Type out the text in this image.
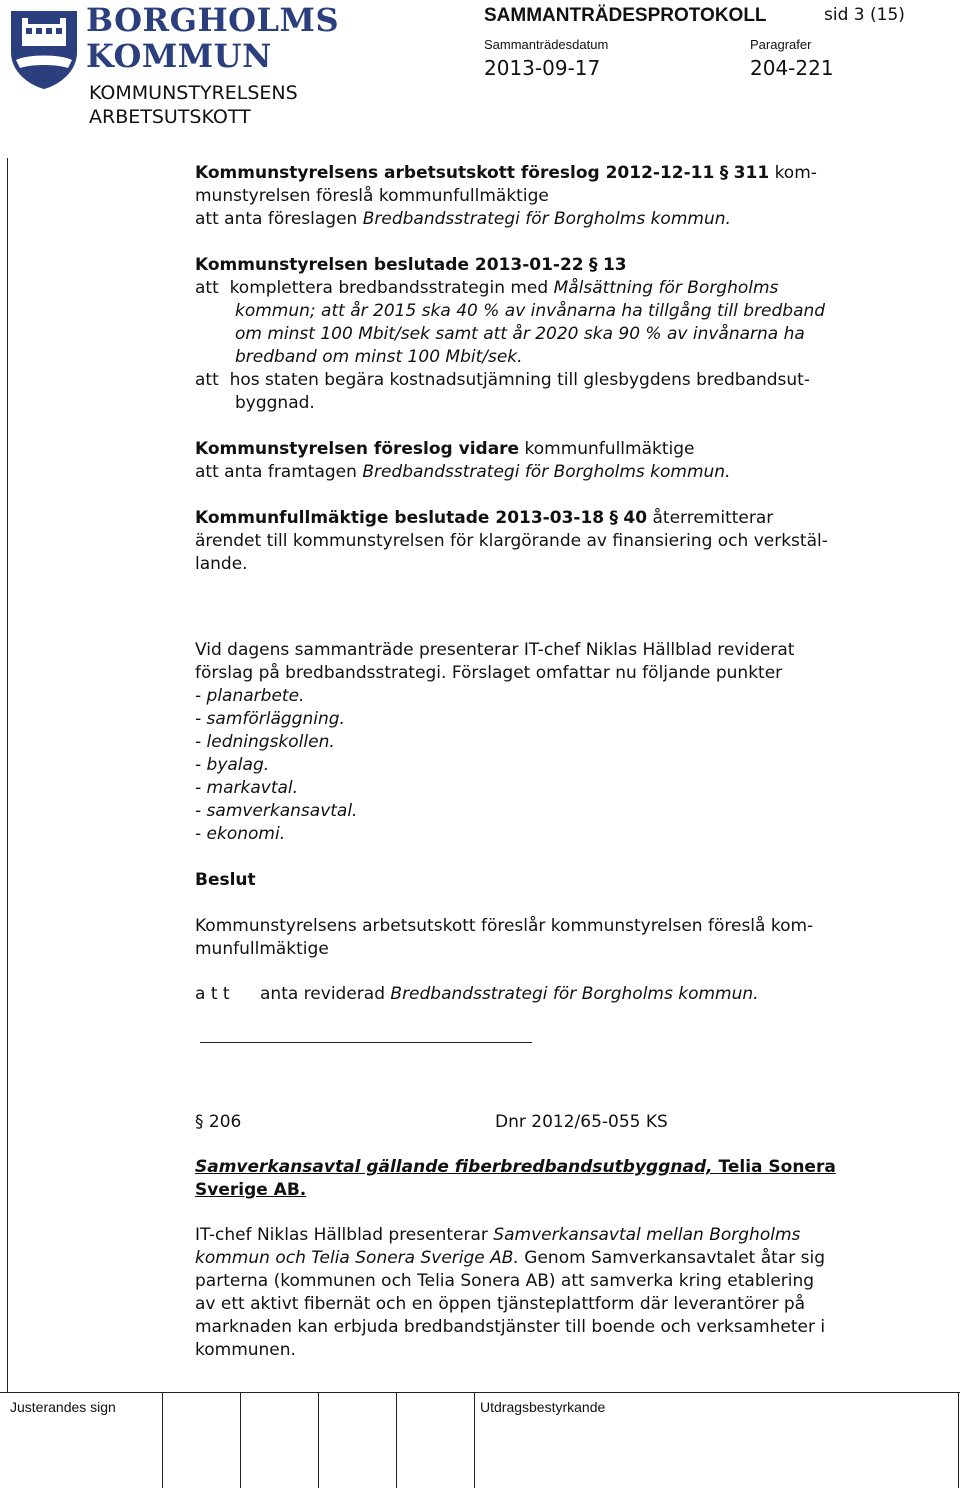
BORGHOLMS
KOMMUN
KOMMUNSTYRELSENS
ARBETSUTSKOTT
SAMMANTRÄDESPROTOKOLL	sid 3 (15)
Sammanträdesdatum
2013-09-17
Paragrafer
204-221

Kommunstyrelsens arbetsutskott föreslog 2012-12-11 § 311 kom-
munstyrelsen föreslå kommunfullmäktige
att anta föreslagen Bredbandsstrategi för Borgholms kommun.

Kommunstyrelsen beslutade 2013-01-22 § 13

att komplettera bredbandsstrategin med Målsättning för Borgholms
kommun; att år 2015 ska 40 % av invånarna ha tillgång till bredband
om minst 100 Mbit/sek samt att år 2020 ska 90 % av invånarna ha
bredband om minst 100 Mbit/sek.
att hos staten begära kostnadsutjämning till glesbygdens bredbandsut-
byggnad.

Kommunstyrelsen föreslog vidare kommunfullmäktige
att anta framtagen Bredbandsstrategi för Borgholms kommun.

Kommunfullmäktige beslutade 2013-03-18 § 40 återremitterar
ärendet till kommunstyrelsen för klargörande av finansiering och verkstäl-
lande.

Vid dagens sammanträde presenterar IT-chef Niklas Hällblad reviderat
förslag på bredbandsstrategi. Förslaget omfattar nu följande punkter

- planarbete.
- samförläggning.
- ledningskollen.
- byalag.
- markavtal.
- samverkansavtal.
- ekonomi.
Beslut

Kommunstyrelsens arbetsutskott föreslår kommunstyrelsen föreslå kom-
munfullmäktige

a t t anta reviderad Bredbandsstrategi för Borgholms kommun.

§ 206	Dnr 2012/65-055 KS

Samverkansavtal gällande fiberbredbandsutbyggnad, Telia Sonera
Sverige AB.

IT-chef Niklas Hällblad presenterar Samverkansavtal mellan Borgholms
kommun och Telia Sonera Sverige AB. Genom Samverkansavtalet åtar sig
parterna (kommunen och Telia Sonera AB) att samverka kring etablering
av ett aktivt fibernät och en öppen tjänsteplattform där leverantörer på
marknaden kan erbjuda bredbandstjänster till boende och verksamheter i
kommunen.

Justerandes sign	Utdragsbestyrkande
